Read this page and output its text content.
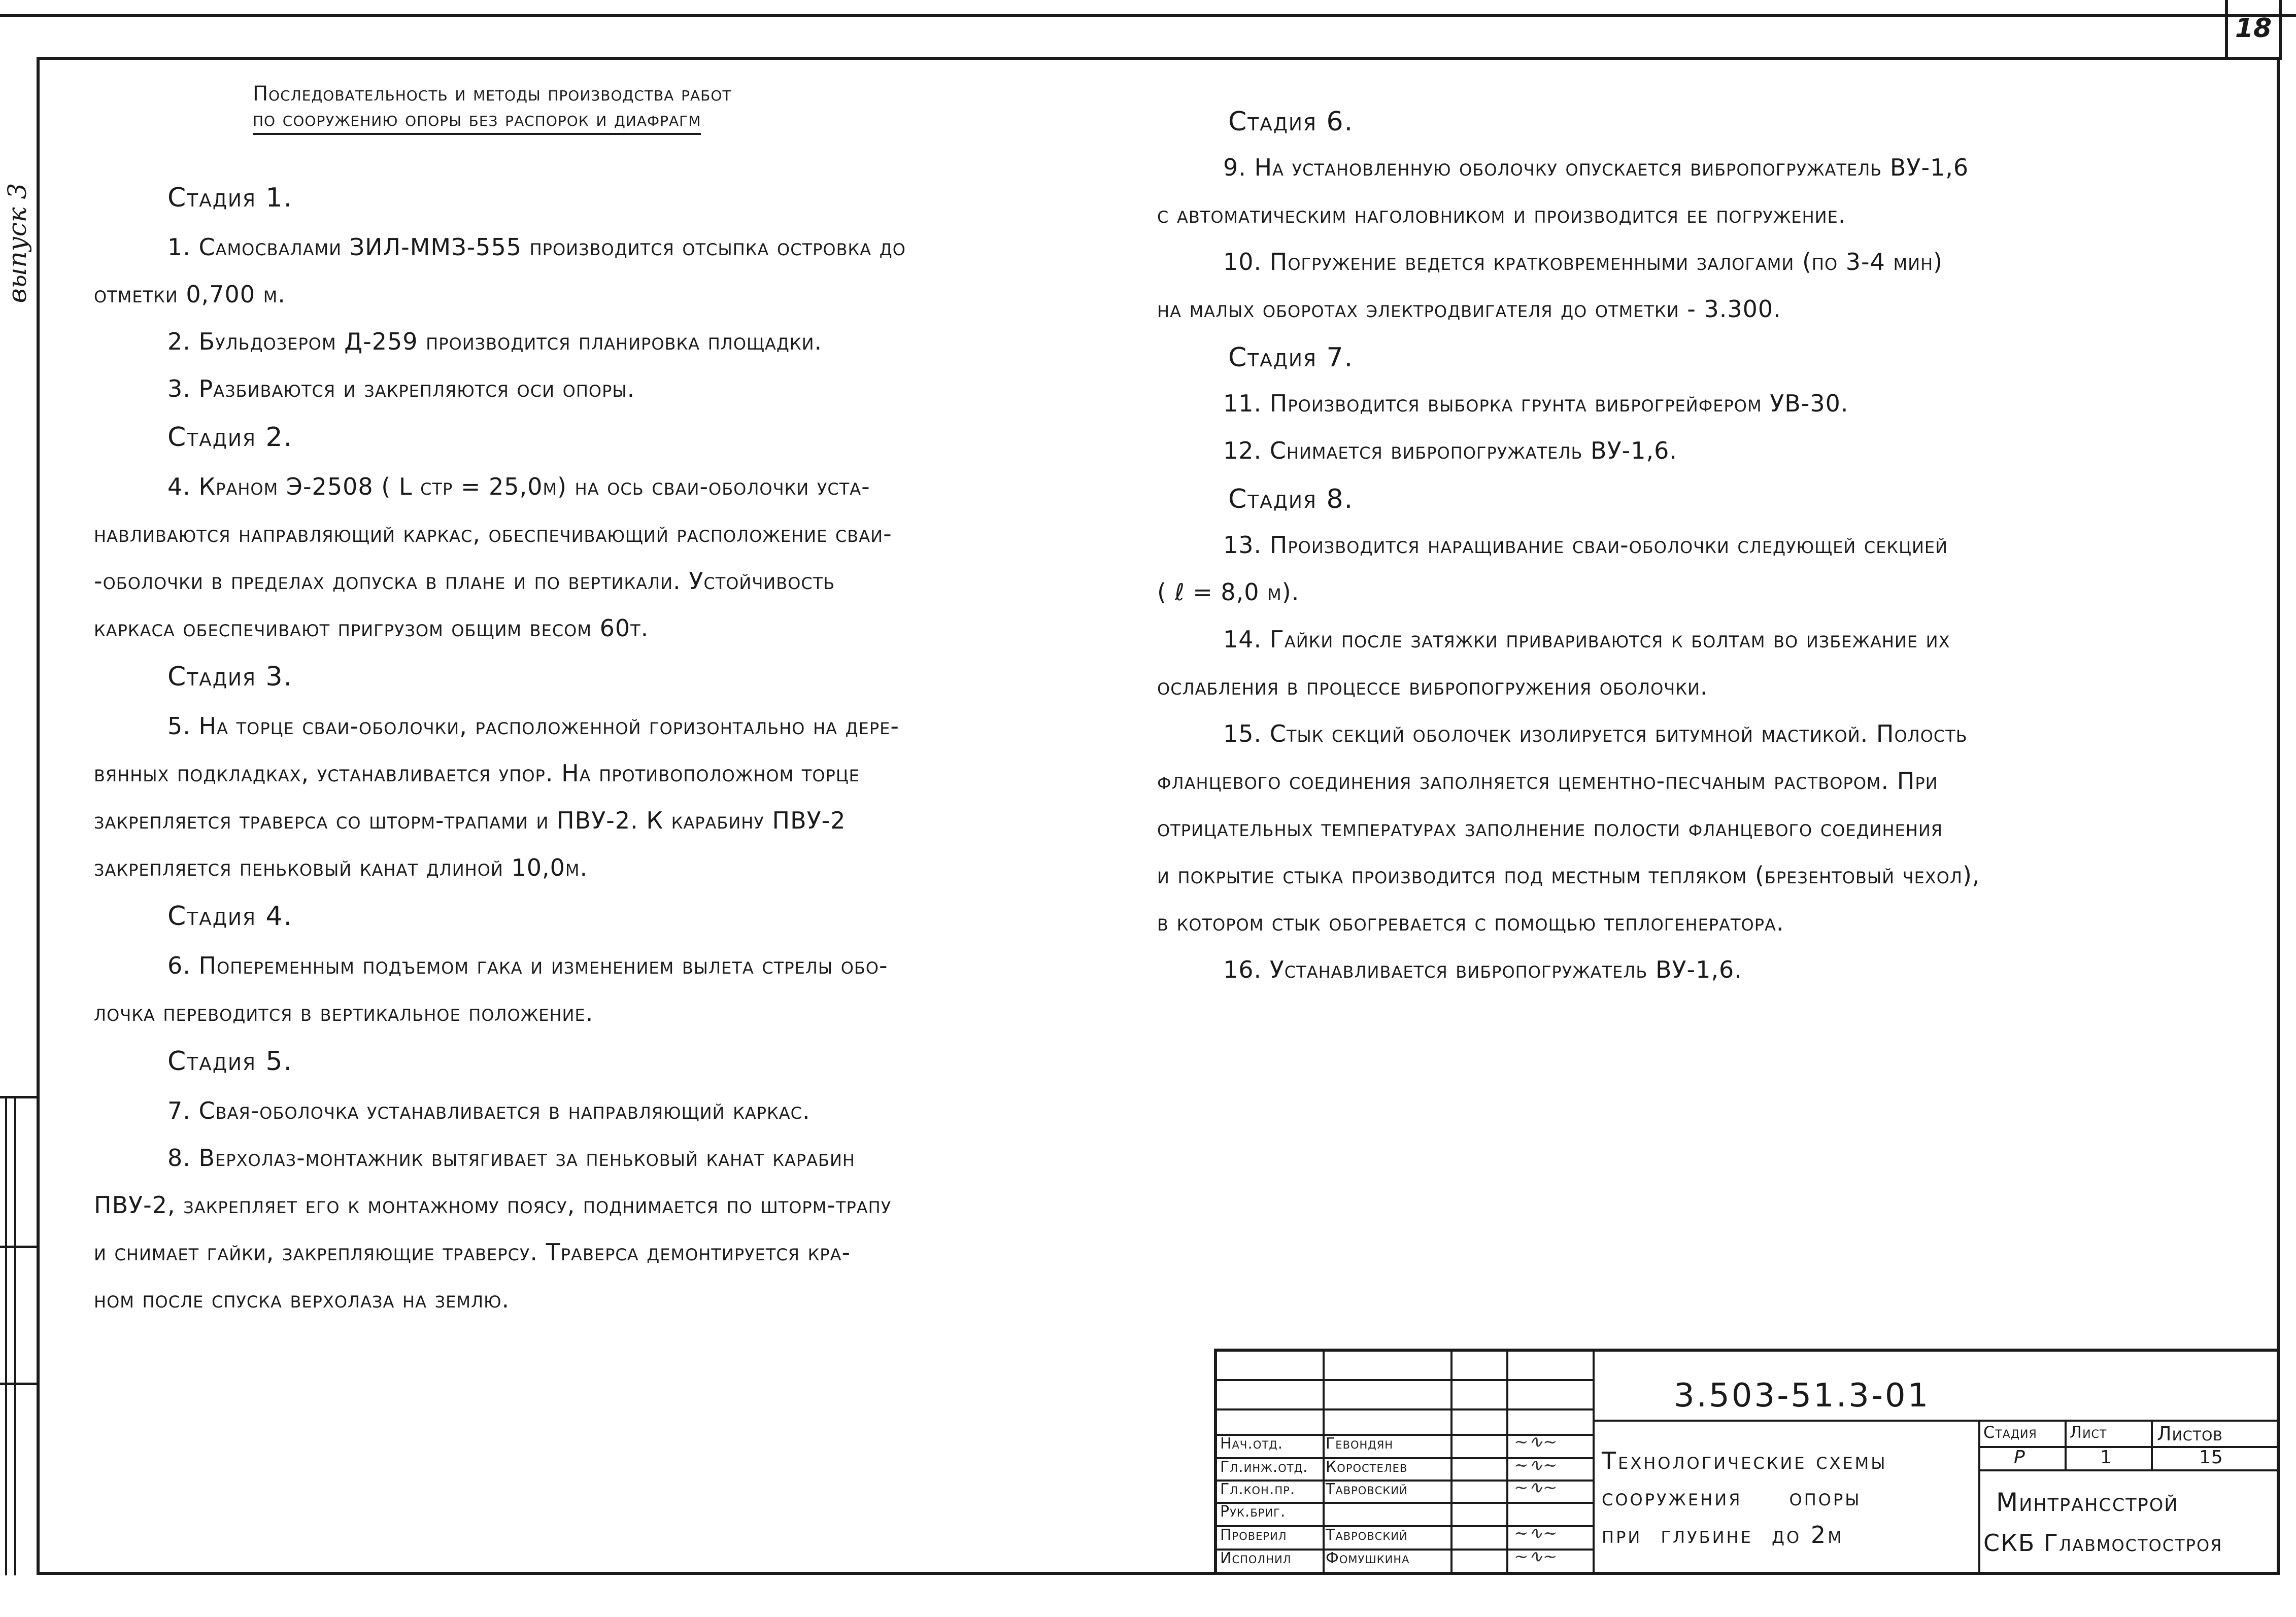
18
выпуск 3
Последовательность и методы производства работ
по сооружению опоры без распорок и диафрагм
Стадия 1.
1. Самосвалами ЗИЛ-ММЗ-555 производится отсыпка островка до
отметки 0,700 м.
2. Бульдозером Д-259 производится планировка площадки.
3. Разбиваются и закрепляются оси опоры.
Стадия 2.
4. Краном Э-2508 ( L стр = 25,0м) на ось сваи-оболочки уста-
навливаются направляющий каркас, обеспечивающий расположение сваи-
-оболочки в пределах допуска в плане и по вертикали. Устойчивость
каркаса обеспечивают пригрузом общим весом 60т.
Стадия 3.
5. На торце сваи-оболочки, расположенной горизонтально на дере-
вянных подкладках, устанавливается упор. На противоположном торце
закрепляется траверса со шторм-трапами и ПВУ-2. К карабину ПВУ-2
закрепляется пеньковый канат длиной 10,0м.
Стадия 4.
6. Попеременным подъемом гака и изменением вылета стрелы обо-
лочка переводится в вертикальное положение.
Стадия 5.
7. Свая-оболочка устанавливается в направляющий каркас.
8. Верхолаз-монтажник вытягивает за пеньковый канат карабин
ПВУ-2, закрепляет его к монтажному поясу, поднимается по шторм-трапу
и снимает гайки, закрепляющие траверсу. Траверса демонтируется кра-
ном после спуска верхолаза на землю.
Стадия 6.
9. На установленную оболочку опускается вибропогружатель ВУ-1,6
с автоматическим наголовником и производится ее погружение.
10. Погружение ведется кратковременными залогами (по 3-4 мин)
на малых оборотах электродвигателя до отметки - 3.300.
Стадия 7.
11. Производится выборка грунта виброгрейфером УВ-30.
12. Снимается вибропогружатель ВУ-1,6.
Стадия 8.
13. Производится наращивание сваи-оболочки следующей секцией
( ℓ = 8,0 м).
14. Гайки после затяжки привариваются к болтам во избежание их
ослабления в процессе вибропогружения оболочки.
15. Стык секций оболочек изолируется битумной мастикой. Полость
фланцевого соединения заполняется цементно-песчаным раствором. При
отрицательных температурах заполнение полости фланцевого соединения
и покрытие стыка производится под местным тепляком (брезентовый чехол),
в котором стык обогревается с помощью теплогенератора.
16. Устанавливается вибропогружатель ВУ-1,6.
3.503-51.3-01
Технологические схемы
сооружения     опоры
при  глубине  до 2м
Стадия Лист	Листов
Р	1	15
Минтрансстрой
СКБ Главмостостроя
Нач.отд.	Гевондян	~∿~
Гл.инж.отд. Коростелев	~∿~
Гл.кон.пр. Тавровский	~∿~
Рук.бриг.
Проверил	Тавровский	~∿~
Исполнил Фомушкина	~∿~
